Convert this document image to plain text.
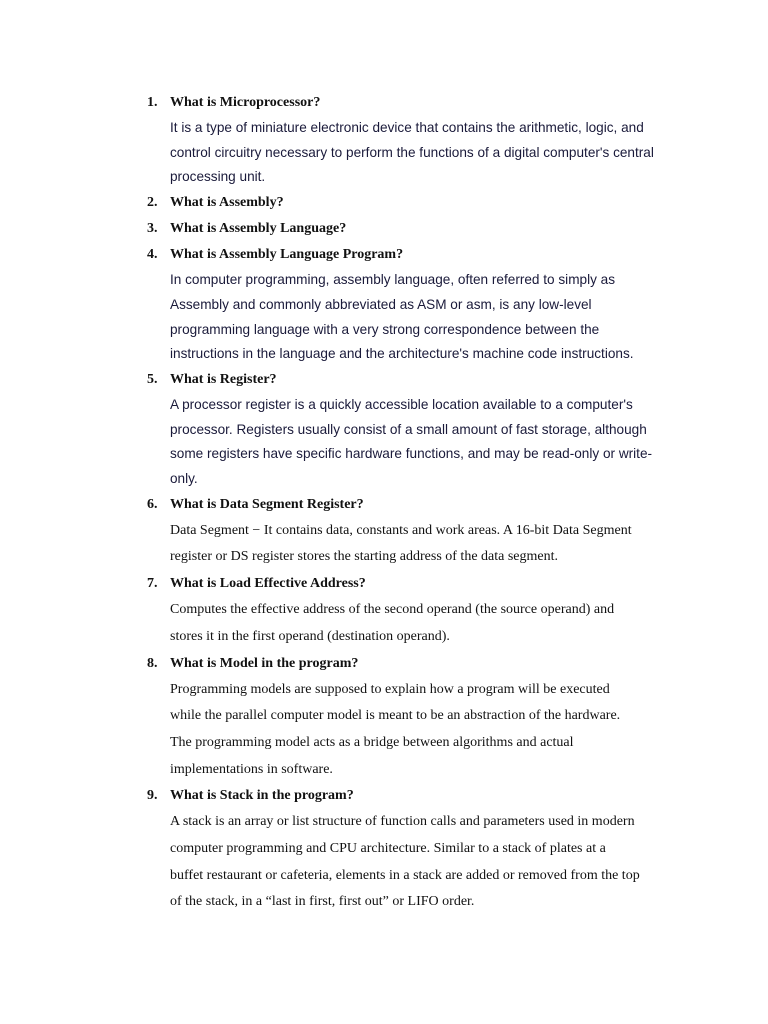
1. What is Microprocessor?

It is a type of miniature electronic device that contains the arithmetic, logic, and
control circuitry necessary to perform the functions of a digital computer's central
processing unit.

2. What is Assembly?
3. What is Assembly Language?
4. What is Assembly Language Program?

In computer programming, assembly language, often referred to simply as
Assembly and commonly abbreviated as ASM or asm, is any low-level
programming language with a very strong correspondence between the
instructions in the language and the architecture's machine code instructions.

5. What is Register?

A processor register is a quickly accessible location available to a computer's
processor. Registers usually consist of a small amount of fast storage, although
some registers have specific hardware functions, and may be read-only or write-
only.

6. What is Data Segment Register?

Data Segment − It contains data, constants and work areas. A 16-bit Data Segment
register or DS register stores the starting address of the data segment.

7. What is Load Effective Address?

Computes the effective address of the second operand (the source operand) and
stores it in the first operand (destination operand).

8. What is Model in the program?

Programming models are supposed to explain how a program will be executed
while the parallel computer model is meant to be an abstraction of the hardware.
The programming model acts as a bridge between algorithms and actual
implementations in software.

9. What is Stack in the program?

A stack is an array or list structure of function calls and parameters used in modern
computer programming and CPU architecture. Similar to a stack of plates at a
buffet restaurant or cafeteria, elements in a stack are added or removed from the top
of the stack, in a “last in first, first out” or LIFO order.
